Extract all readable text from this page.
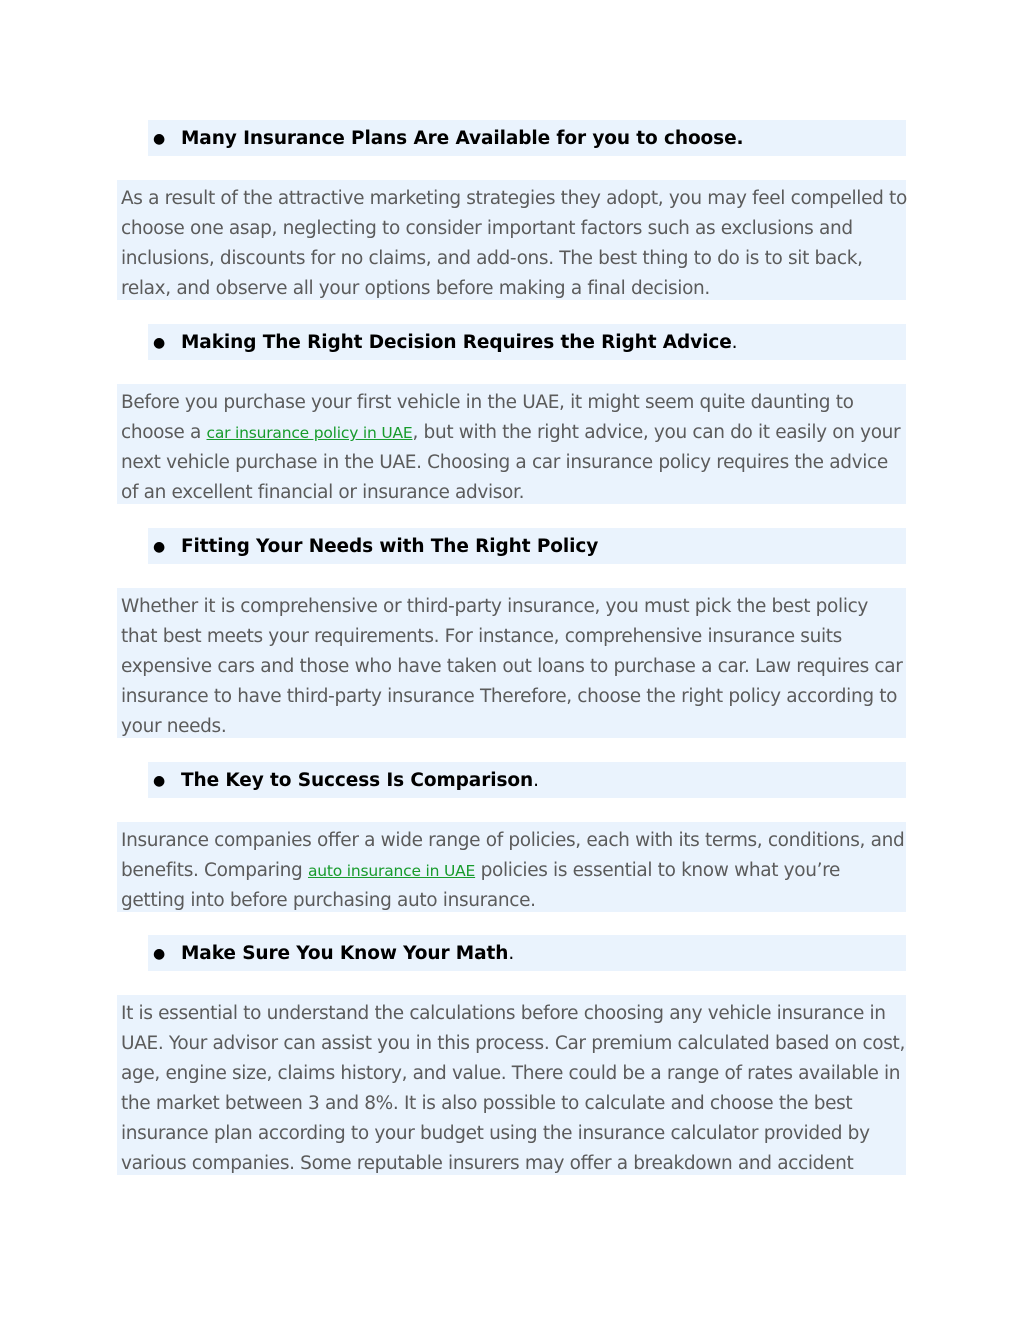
● Many Insurance Plans Are Available for you to choose.
As a result of the attractive marketing strategies they adopt, you may feel compelled to choose one asap, neglecting to consider important factors such as exclusions and inclusions, discounts for no claims, and add-ons. The best thing to do is to sit back, relax, and observe all your options before making a final decision.
● Making The Right Decision Requires the Right Advice.
Before you purchase your first vehicle in the UAE, it might seem quite daunting to choose a car insurance policy in UAE, but with the right advice, you can do it easily on your next vehicle purchase in the UAE. Choosing a car insurance policy requires the advice of an excellent financial or insurance advisor.
● Fitting Your Needs with The Right Policy
Whether it is comprehensive or third-party insurance, you must pick the best policy that best meets your requirements. For instance, comprehensive insurance suits expensive cars and those who have taken out loans to purchase a car. Law requires car insurance to have third-party insurance Therefore, choose the right policy according to your needs.
● The Key to Success Is Comparison.
Insurance companies offer a wide range of policies, each with its terms, conditions, and benefits. Comparing auto insurance in UAE policies is essential to know what you’re getting into before purchasing auto insurance.
● Make Sure You Know Your Math.
It is essential to understand the calculations before choosing any vehicle insurance in UAE. Your advisor can assist you in this process. Car premium calculated based on cost, age, engine size, claims history, and value. There could be a range of rates available in the market between 3 and 8%. It is also possible to calculate and choose the best insurance plan according to your budget using the insurance calculator provided by various companies. Some reputable insurers may offer a breakdown and accident
